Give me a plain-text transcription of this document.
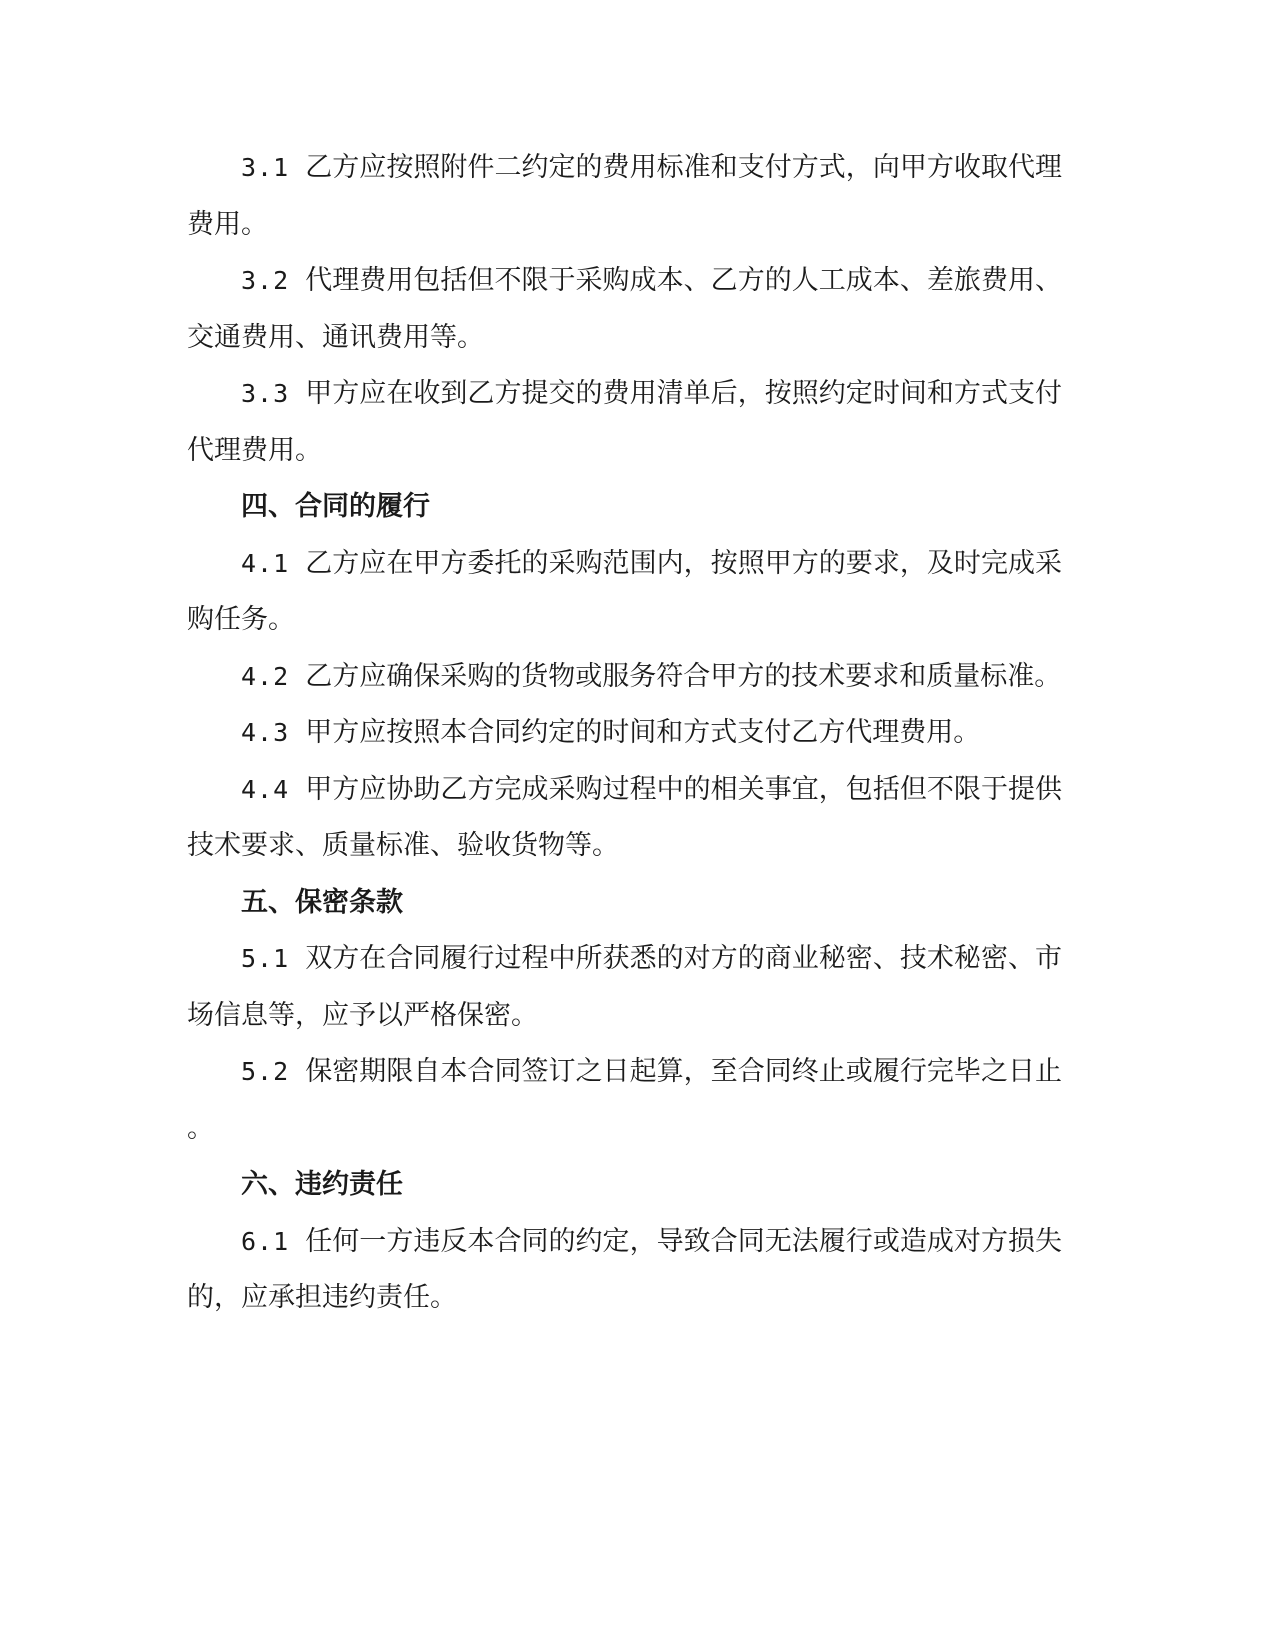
3.1 乙方应按照附件二约定的费用标准和支付方式，向甲方收取代理费用。

3.2 代理费用包括但不限于采购成本、乙方的人工成本、差旅费用、交通费用、通讯费用等。

3.3 甲方应在收到乙方提交的费用清单后，按照约定时间和方式支付代理费用。

四、合同的履行

4.1 乙方应在甲方委托的采购范围内，按照甲方的要求，及时完成采购任务。

4.2 乙方应确保采购的货物或服务符合甲方的技术要求和质量标准。

4.3 甲方应按照本合同约定的时间和方式支付乙方代理费用。

4.4 甲方应协助乙方完成采购过程中的相关事宜，包括但不限于提供技术要求、质量标准、验收货物等。

五、保密条款

5.1 双方在合同履行过程中所获悉的对方的商业秘密、技术秘密、市场信息等，应予以严格保密。

5.2 保密期限自本合同签订之日起算，至合同终止或履行完毕之日止。

六、违约责任

6.1 任何一方违反本合同的约定，导致合同无法履行或造成对方损失的，应承担违约责任。
